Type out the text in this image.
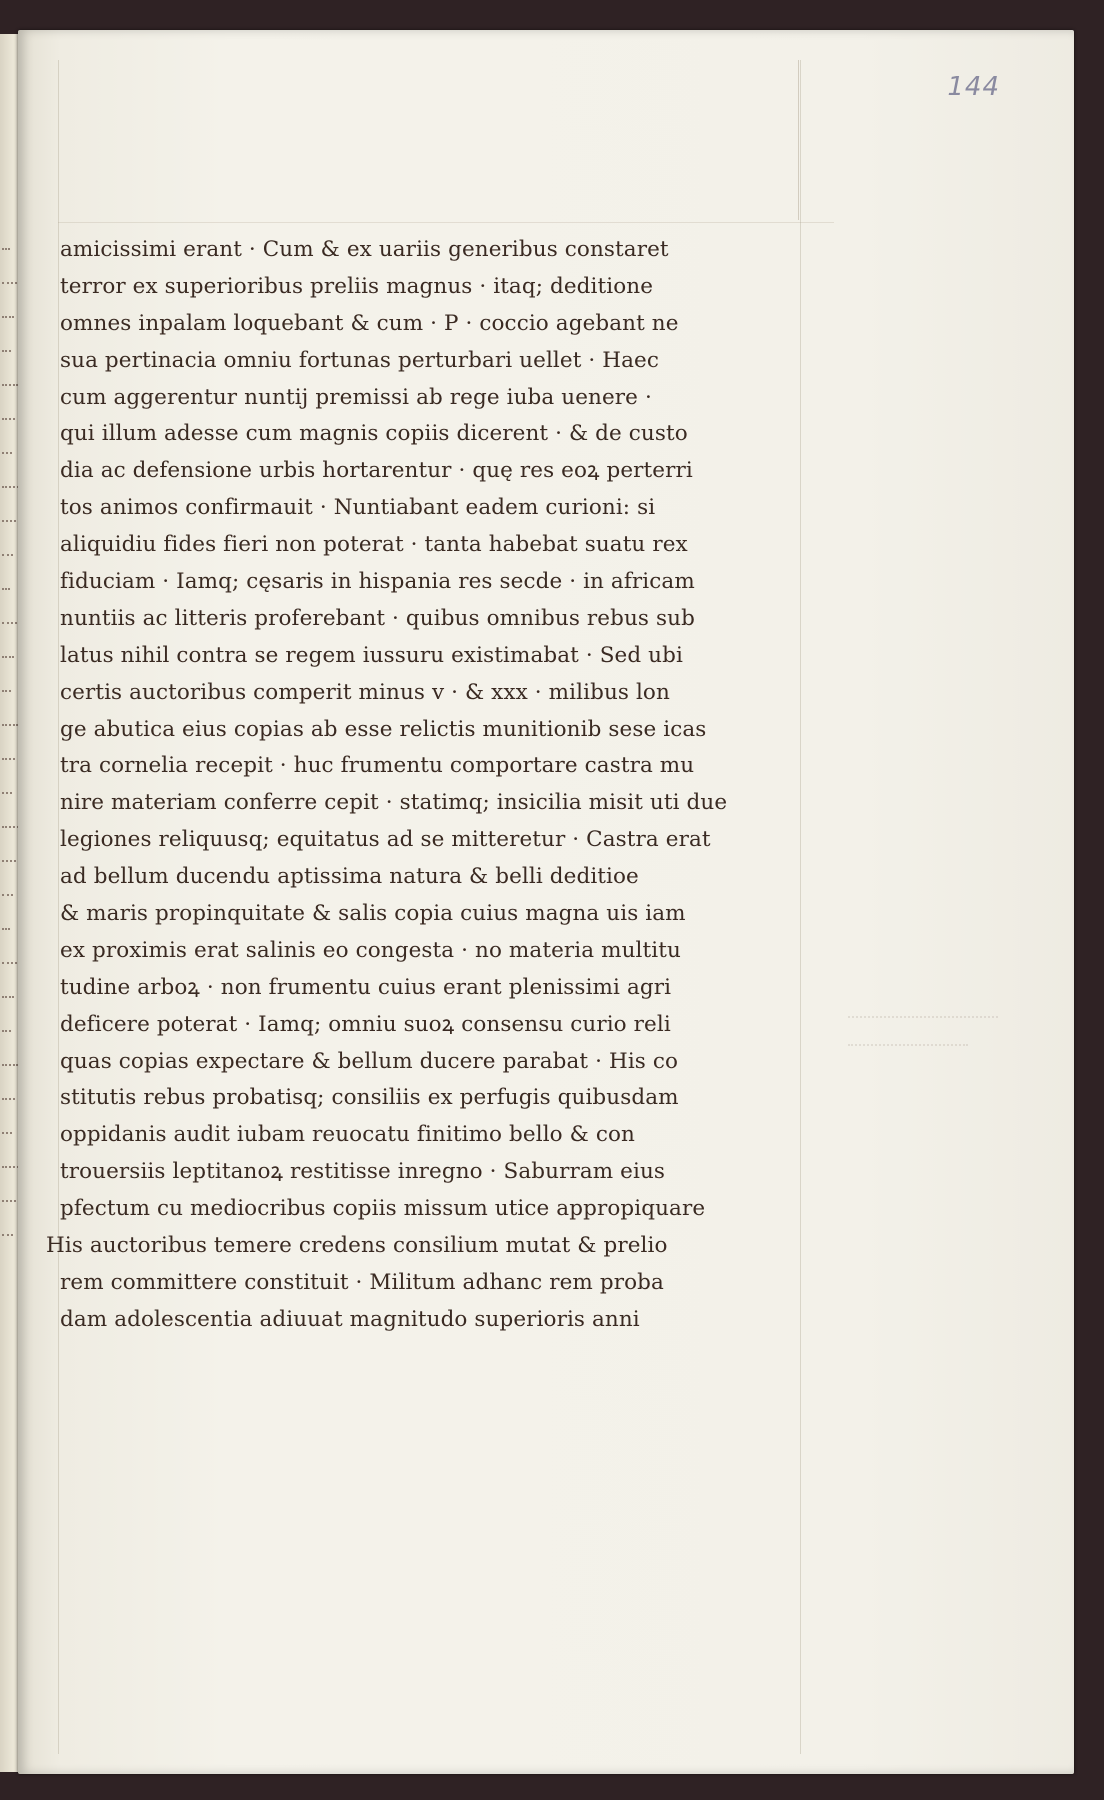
144
amicissimi erant · Cum & ex uariis generibus constaret
terror ex superioribus preliis magnus · itaq; deditione
omnes inpalam loquebant & cum · P · coccio agebant ne
sua pertinacia omniu fortunas perturbari uellet · Haec
cum aggerentur nuntij premissi ab rege iuba uenere ·
qui illum adesse cum magnis copiis dicerent · & de custo
dia ac defensione urbis hortarentur · quę res eoꝝ perterri
tos animos confirmauit · Nuntiabant eadem curioni: si
aliquidiu fides fieri non poterat · tanta habebat suatu rex
fiduciam · Iamq; cęsaris in hispania res secde · in africam
nuntiis ac litteris proferebant · quibus omnibus rebus sub
latus nihil contra se regem iussuru existimabat · Sed ubi
certis auctoribus comperit minus v · & xxx · milibus lon
ge abutica eius copias ab esse relictis munitionib sese icas
tra cornelia recepit · huc frumentu comportare castra mu
nire materiam conferre cepit · statimq; insicilia misit uti due
legiones reliquusq; equitatus ad se mitteretur · Castra erat
ad bellum ducendu aptissima natura & belli deditioe
& maris propinquitate & salis copia cuius magna uis iam
ex proximis erat salinis eo congesta · no materia multitu
tudine arboꝝ · non frumentu cuius erant plenissimi agri
deficere poterat · Iamq; omniu suoꝝ consensu curio reli
quas copias expectare & bellum ducere parabat · His co
stitutis rebus probatisq; consiliis ex perfugis quibusdam
oppidanis audit iubam reuocatu finitimo bello & con
trouersiis leptitanoꝝ restitisse inregno · Saburram eius
pfectum cu mediocribus copiis missum utice appropiquare
His auctoribus temere credens consilium mutat & prelio
rem committere constituit · Militum adhanc rem proba
dam adolescentia adiuuat magnitudo superioris anni
